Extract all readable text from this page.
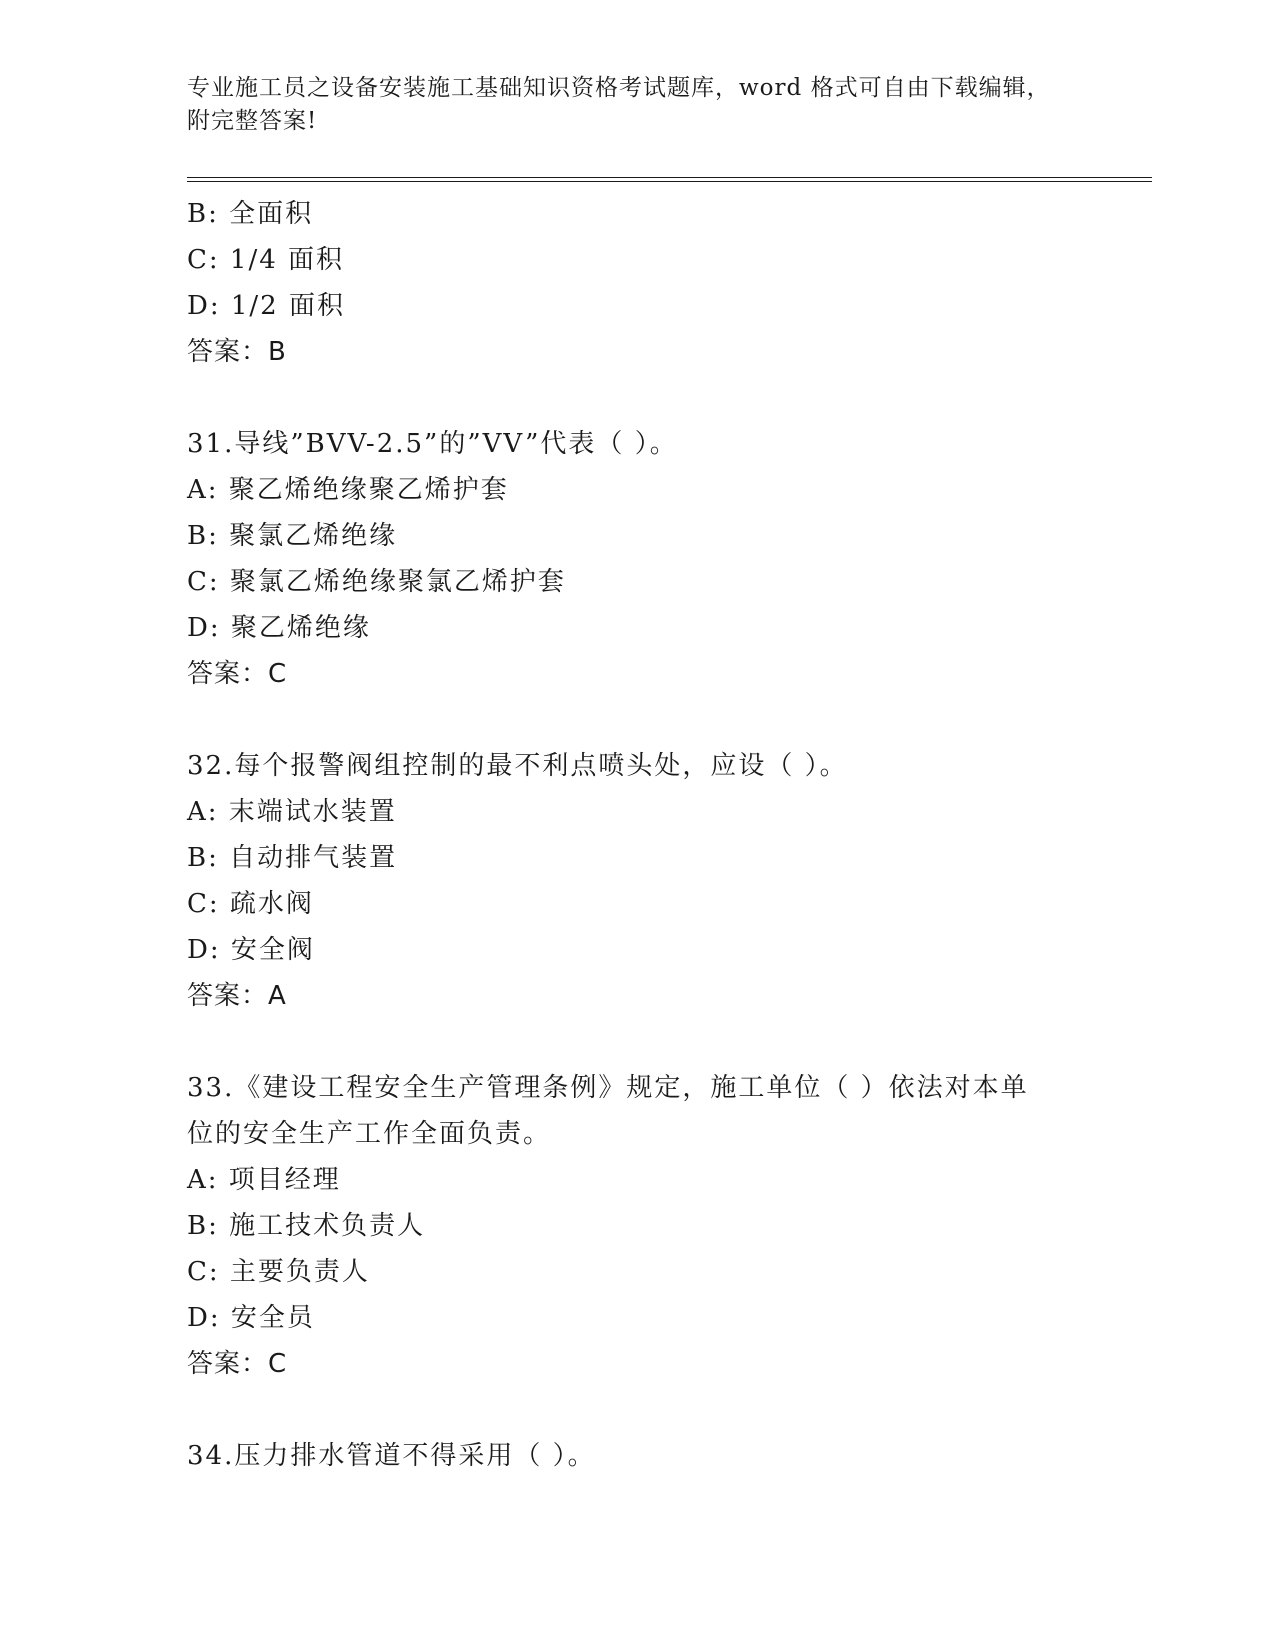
专业施工员之设备安装施工基础知识资格考试题库，word 格式可自由下载编辑，
附完整答案!
B: 全面积
C: 1/4 面积
D: 1/2 面积
答案：B
31.导线”BVV-2.5”的”VV”代表（ ）。
A: 聚乙烯绝缘聚乙烯护套
B: 聚氯乙烯绝缘
C: 聚氯乙烯绝缘聚氯乙烯护套
D: 聚乙烯绝缘
答案：C
32.每个报警阀组控制的最不利点喷头处，应设（ ）。
A: 末端试水装置
B: 自动排气装置
C: 疏水阀
D: 安全阀
答案：A
33.《建设工程安全生产管理条例》规定，施工单位（ ）依法对本单
位的安全生产工作全面负责。
A: 项目经理
B: 施工技术负责人
C: 主要负责人
D: 安全员
答案：C
34.压力排水管道不得采用（ ）。
